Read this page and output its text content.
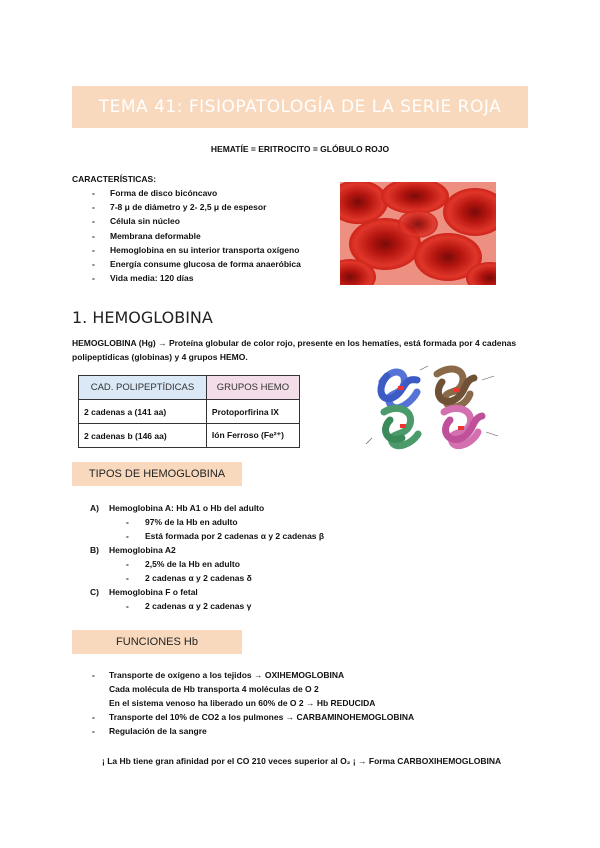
TEMA 41: FISIOPATOLOGÍA DE LA SERIE ROJA
HEMATÍE = ERITROCITO = GLÓBULO ROJO
CARACTERÍSTICAS:
- Forma de disco bicóncavo
- 7-8 μ de diámetro y 2- 2,5 μ de espesor
- Célula sin núcleo
- Membrana deformable
- Hemoglobina en su interior transporta oxígeno
- Energía consume glucosa de forma anaeróbica
- Vida media: 120 días
1. HEMOGLOBINA
HEMOGLOBINA (Hg) → Proteína globular de color rojo, presente en los hematíes, está formada por 4 cadenas
polipeptídicas (globinas) y 4 grupos HEMO.
CAD. POLIPEPTÍDICAS	GRUPOS HEMO
2 cadenas a (141 aa)	Protoporfirina IX
2 cadenas b (146 aa)	Ión Ferroso (Fe²⁺)
TIPOS DE HEMOGLOBINA
A) Hemoglobina A: Hb A1 o Hb del adulto
- 97% de la Hb en adulto
- Está formada por 2 cadenas α y 2 cadenas β
B) Hemoglobina A2
- 2,5% de la Hb en adulto
- 2 cadenas α y 2 cadenas δ
C) Hemoglobina F o fetal
- 2 cadenas α y 2 cadenas γ
FUNCIONES Hb
- Transporte de oxígeno a los tejidos → OXIHEMOGLOBINA
Cada molécula de Hb transporta 4 moléculas de O 2
En el sistema venoso ha liberado un 60% de O 2 → Hb REDUCIDA
- Transporte del 10% de CO2 a los pulmones → CARBAMINOHEMOGLOBINA
- Regulación de la sangre
¡ La Hb tiene gran afinidad por el CO 210 veces superior al O₂ ¡ → Forma CARBOXIHEMOGLOBINA
